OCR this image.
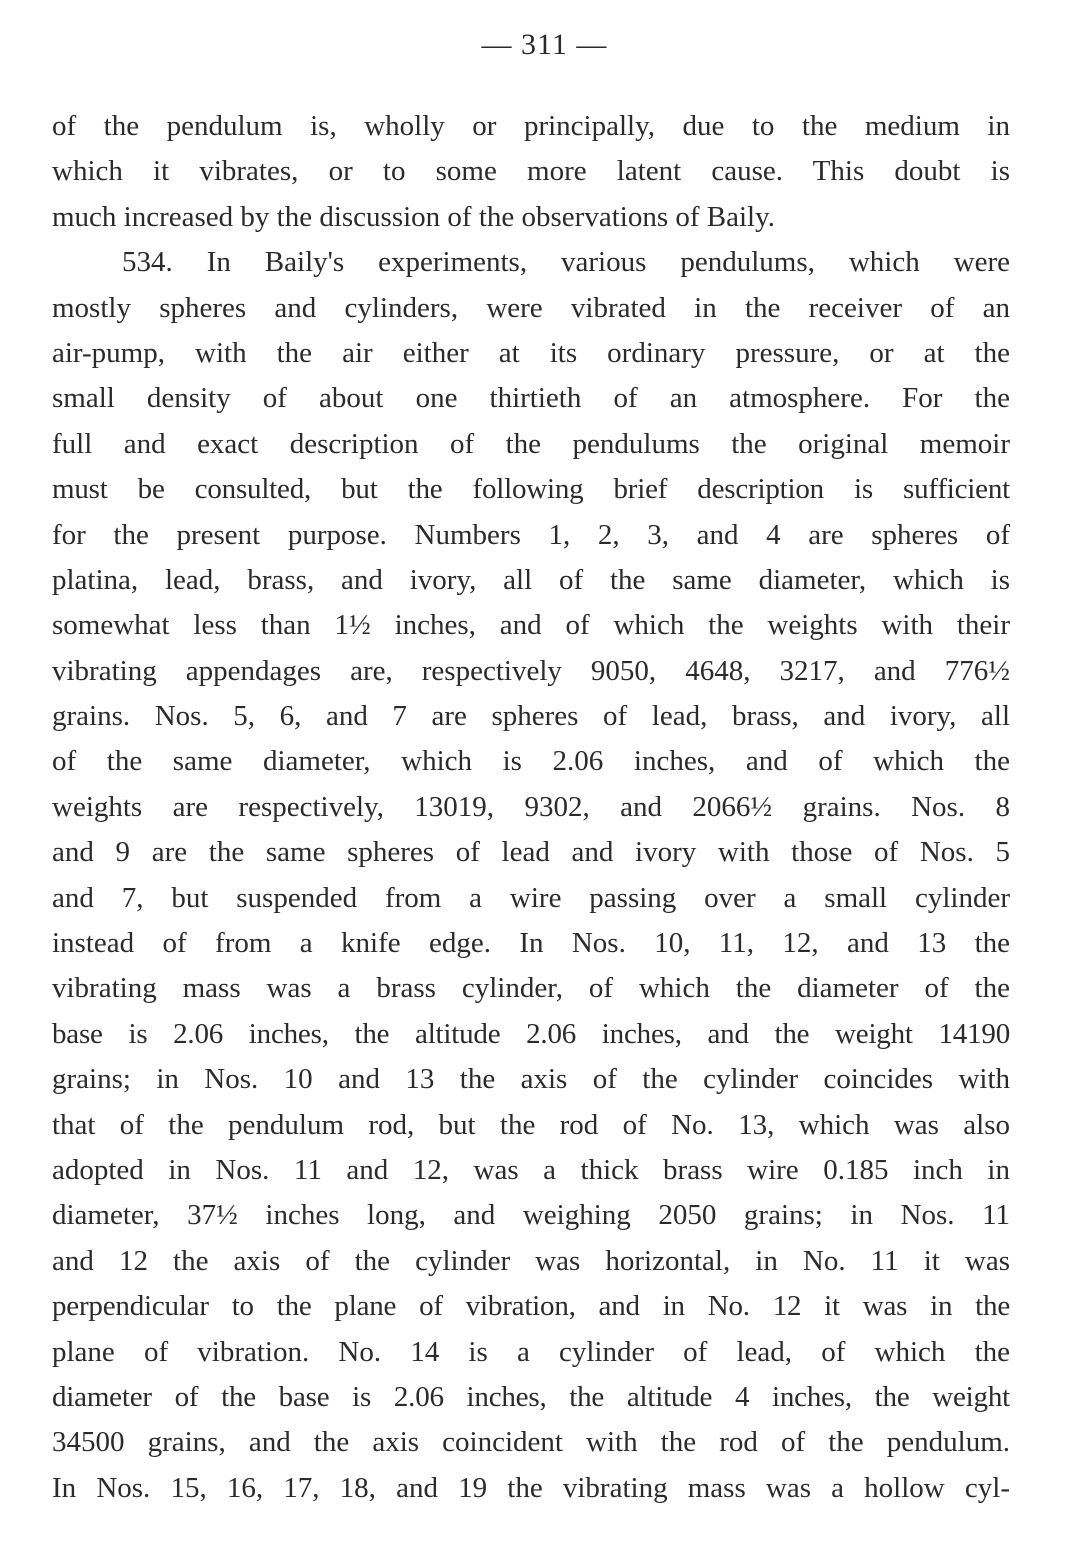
— 311 —
of the pendulum is, wholly or principally, due to the medium in
which it vibrates, or to some more latent cause. This doubt is
much increased by the discussion of the observations of Baily.
534. In Baily's experiments, various pendulums, which were
mostly spheres and cylinders, were vibrated in the receiver of an
air-pump, with the air either at its ordinary pressure, or at the
small density of about one thirtieth of an atmosphere. For the
full and exact description of the pendulums the original memoir
must be consulted, but the following brief description is sufficient
for the present purpose. Numbers 1, 2, 3, and 4 are spheres of
platina, lead, brass, and ivory, all of the same diameter, which is
somewhat less than 1½ inches, and of which the weights with their
vibrating appendages are, respectively 9050, 4648, 3217, and 776½
grains. Nos. 5, 6, and 7 are spheres of lead, brass, and ivory, all
of the same diameter, which is 2.06 inches, and of which the
weights are respectively, 13019, 9302, and 2066½ grains. Nos. 8
and 9 are the same spheres of lead and ivory with those of Nos. 5
and 7, but suspended from a wire passing over a small cylinder
instead of from a knife edge. In Nos. 10, 11, 12, and 13 the
vibrating mass was a brass cylinder, of which the diameter of the
base is 2.06 inches, the altitude 2.06 inches, and the weight 14190
grains; in Nos. 10 and 13 the axis of the cylinder coincides with
that of the pendulum rod, but the rod of No. 13, which was also
adopted in Nos. 11 and 12, was a thick brass wire 0.185 inch in
diameter, 37½ inches long, and weighing 2050 grains; in Nos. 11
and 12 the axis of the cylinder was horizontal, in No. 11 it was
perpendicular to the plane of vibration, and in No. 12 it was in the
plane of vibration. No. 14 is a cylinder of lead, of which the
diameter of the base is 2.06 inches, the altitude 4 inches, the weight
34500 grains, and the axis coincident with the rod of the pendulum.
In Nos. 15, 16, 17, 18, and 19 the vibrating mass was a hollow cyl-
